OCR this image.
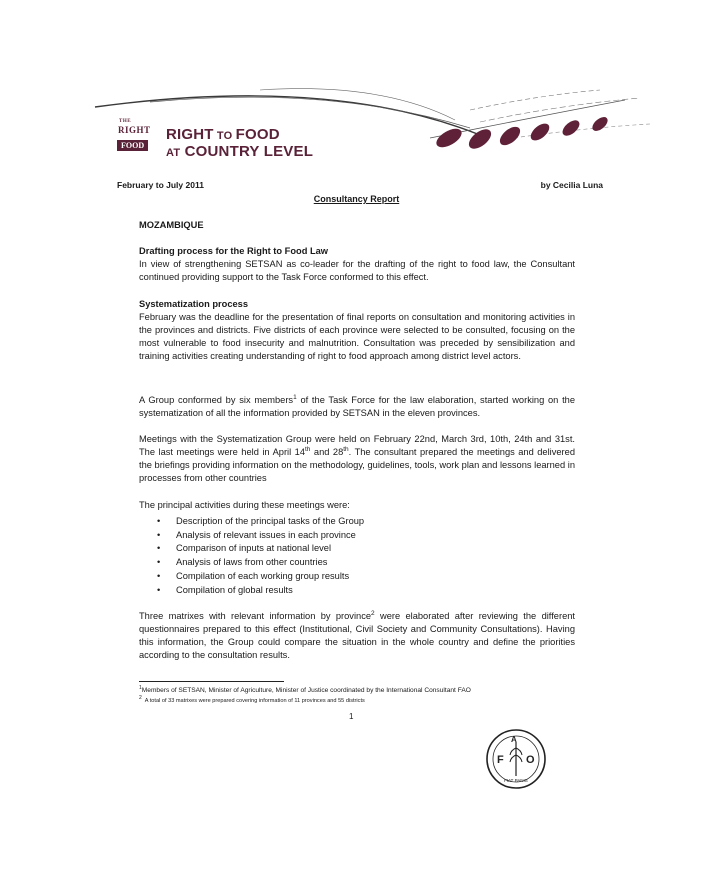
THE
RIGHT
FOOD
RIGHT TO FOOD
AT COUNTRY LEVEL
February to July 2011	by Cecilia Luna
Consultancy Report
MOZAMBIQUE
Drafting process for the Right to Food Law

In view of strengthening SETSAN as co-leader for the drafting of the right to food law, the Consultant continued providing support to the Task Force conformed to this effect.

Systematization process

February was the deadline for the presentation of final reports on consultation and monitoring activities in the provinces and districts. Five districts of each province were selected to be consulted, focusing on the most vulnerable to food insecurity and malnutrition. Consultation was preceded by sensibilization and training activities creating understanding of right to food approach among district level actors.

A Group conformed by six members$^1$ of the Task Force for the law elaboration, started working on the systematization of all the information provided by SETSAN in the eleven provinces.

Meetings with the Systematization Group were held on February 22nd, March 3rd, 10th, 24th and 31st. The last meetings were held in April 14th and 28th. The consultant prepared the meetings and delivered the briefings providing information on the methodology, guidelines, tools, work plan and lessons learned in processes from other countries

The principal activities during these meetings were:
• Description of the principal tasks of the Group
• Analysis of relevant issues in each province
• Comparison of inputs at national level
• Analysis of laws from other countries
• Compilation of each working group results
• Compilation of global results

Three matrixes with relevant information by province$^2$ were elaborated after reviewing the different questionnaires prepared to this effect (Institutional, Civil Society and Community Consultations). Having this information, the Group could compare the situation in the whole country and define the priorities according to the consultation results.

$^1$Members of SETSAN, Minister of Agriculture, Minister of Justice coordinated by the International Consultant FAO
$^2$ A total of 33 matrixes were prepared covering information of 11 provinces and 55 districts
1
F
A
O
FIAT PANIS
